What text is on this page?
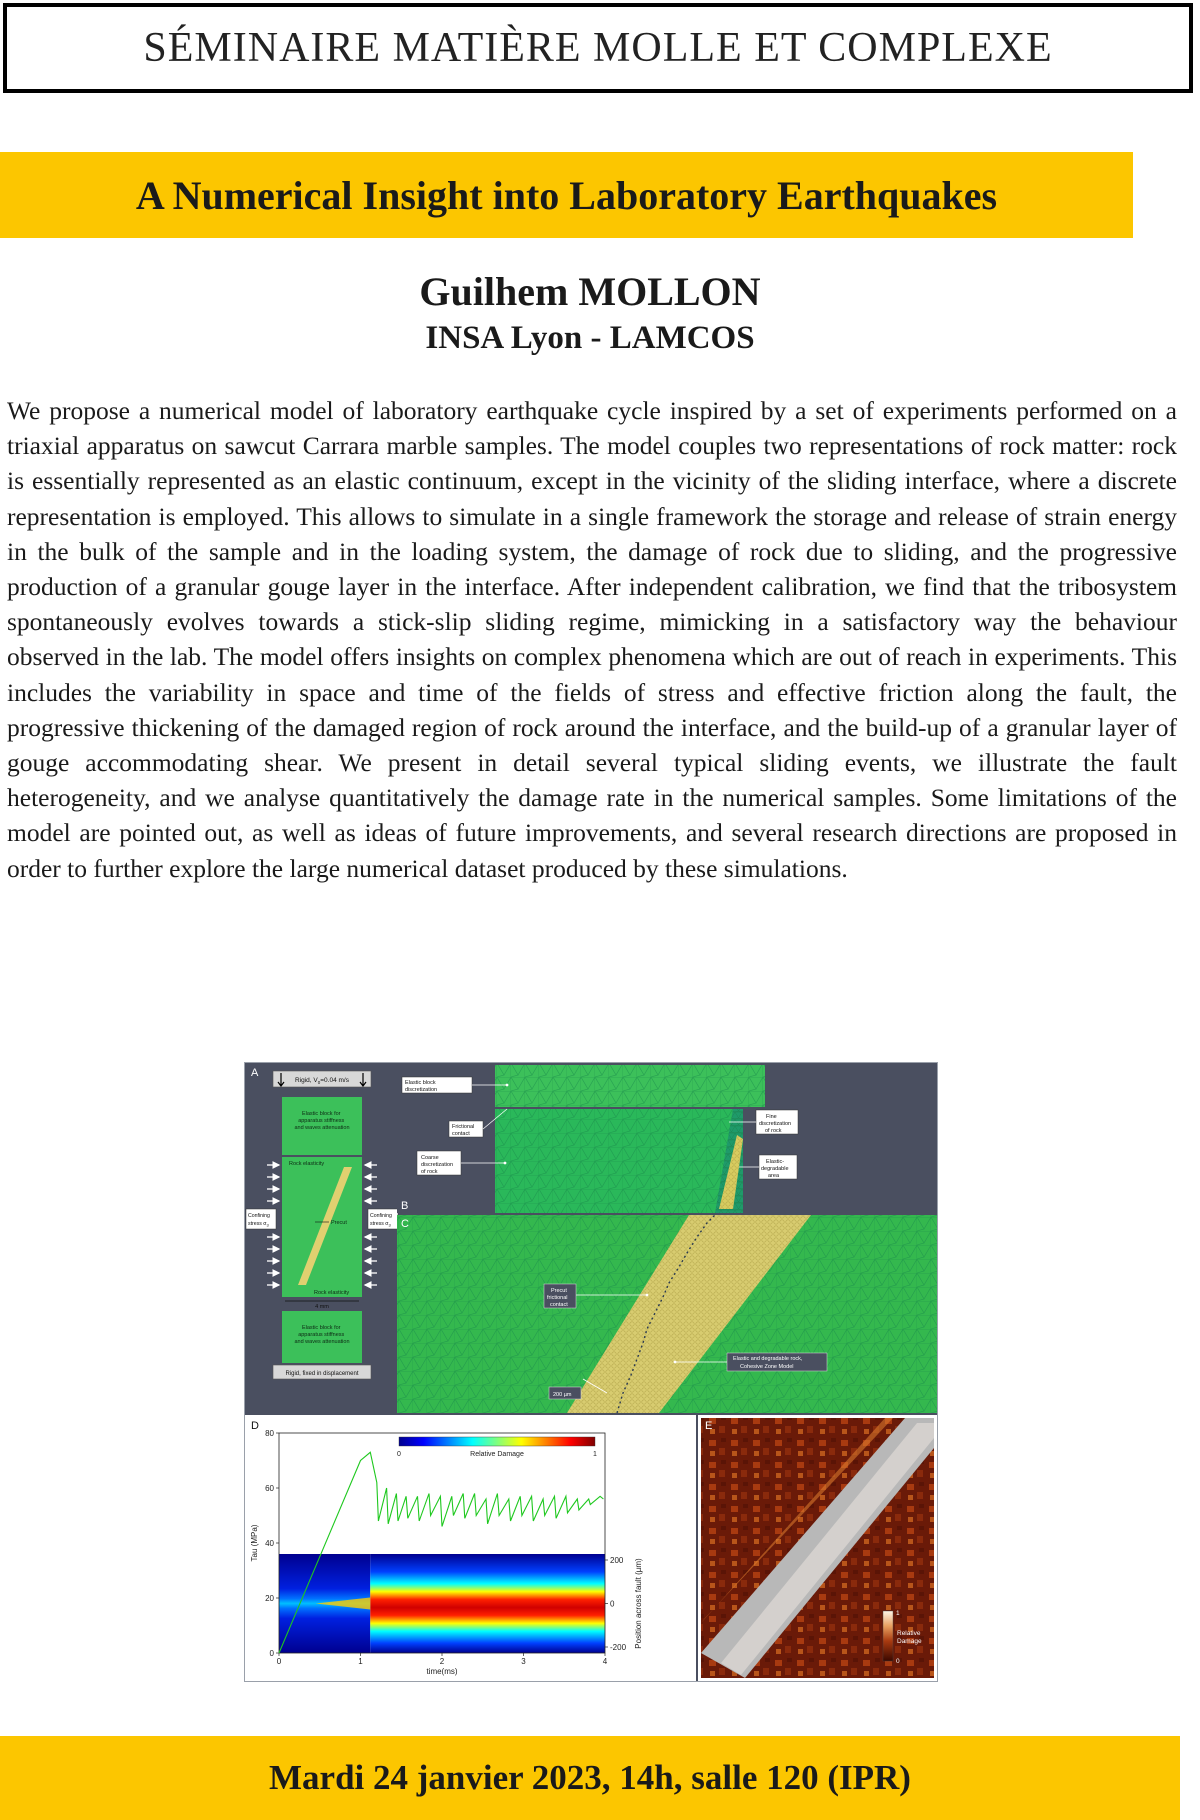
SÉMINAIRE MATIÈRE MOLLE ET COMPLEXE
A Numerical Insight into Laboratory Earthquakes
Guilhem MOLLON
INSA Lyon - LAMCOS
We propose a numerical model of laboratory earthquake cycle inspired by a set of experiments performed on a triaxial apparatus on sawcut Carrara marble samples. The model couples two representations of rock matter: rock is essentially represented as an elastic continuum, except in the vicinity of the sliding interface, where a discrete representation is employed. This allows to simulate in a single framework the storage and release of strain energy in the bulk of the sample and in the loading system, the damage of rock due to sliding, and the progressive production of a granular gouge layer in the interface. After independent calibration, we find that the tribosystem spontaneously evolves towards a stick-slip sliding regime, mimicking in a satisfactory way the behaviour observed in the lab. The model offers insights on complex phenomena which are out of reach in experiments. This includes the variability in space and time of the fields of stress and effective friction along the fault, the progressive thickening of the damaged region of rock around the interface, and the build-up of a granular layer of gouge accommodating shear. We present in detail several typical sliding events, we illustrate the fault heterogeneity, and we analyse quantitatively the damage rate in the numerical samples. Some limitations of the model are pointed out, as well as ideas of future improvements, and several research directions are proposed in order to further explore the large numerical dataset produced by these simulations.
A
Rigid, $V_0=0.04$ m/s
Elastic block for apparatus stiffness and waves attenuation
Rock elasticity
Rock elasticity
Precut
Confining stress $\sigma_3$
Confining stress $\sigma_3$
4 mm
Elastic block for apparatus stiffness and waves attenuation
Rigid, fixed in displacement
Elastic block discretization
Frictional contact
Coarse discretization of rock
Fine discretization of rock
Elastic- degradable area
B
Precut frictional contact
Elastic and degradable rock, Cohesive Zone Model
200 µm
C
D
0
20
40
60
80
0	1	2	3	4
200
0
-200
Tau (MPa)
time(ms)
Position across fault (µm)
0	1
Relative Damage
1
0
Relative Damage
E
Mardi 24 janvier 2023, 14h, salle 120 (IPR)
